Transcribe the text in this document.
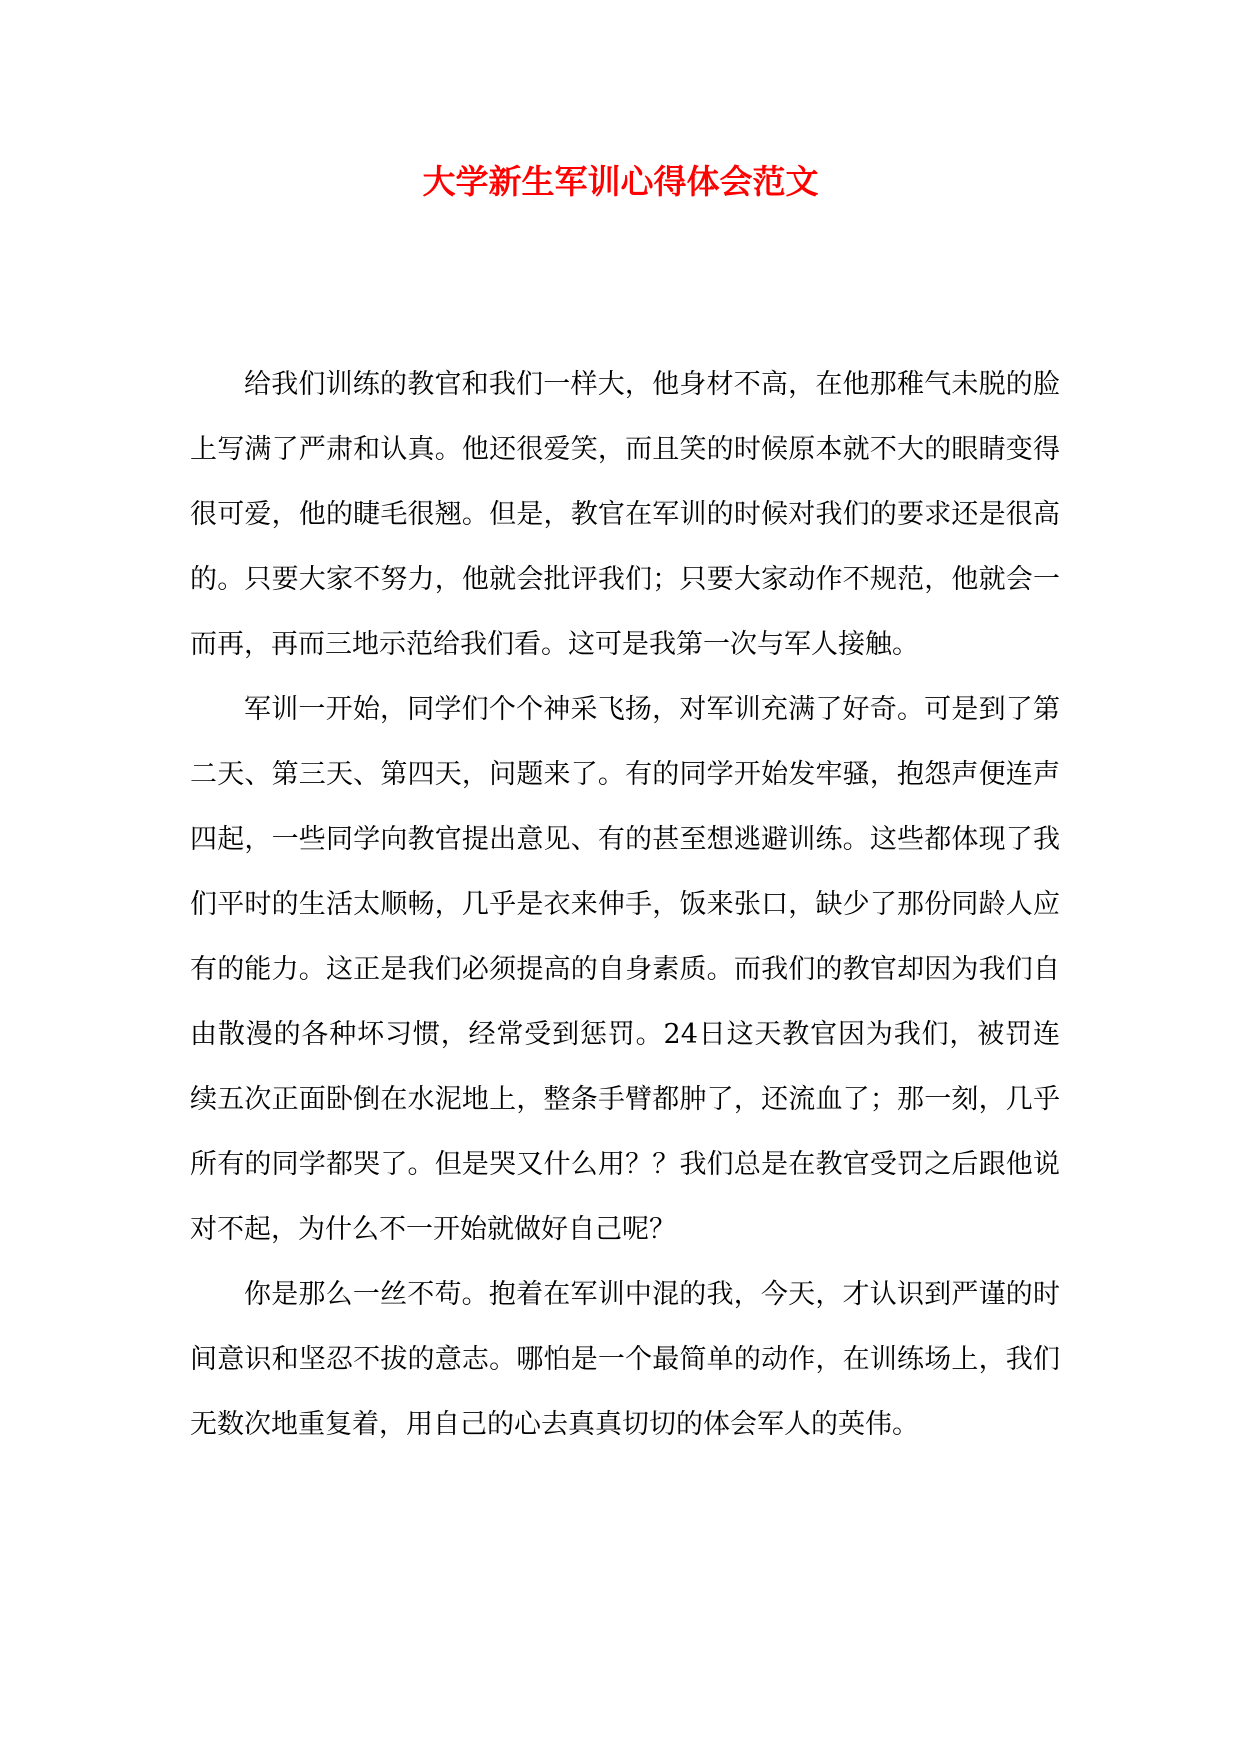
大学新生军训心得体会范文

给我们训练的教官和我们一样大，他身材不高，在他那稚气未脱的脸上写满了严肃和认真。他还很爱笑，而且笑的时候原本就不大的眼睛变得很可爱，他的睫毛很翘。但是，教官在军训的时候对我们的要求还是很高的。只要大家不努力，他就会批评我们；只要大家动作不规范，他就会一而再，再而三地示范给我们看。这可是我第一次与军人接触。

军训一开始，同学们个个神采飞扬，对军训充满了好奇。可是到了第二天、第三天、第四天，问题来了。有的同学开始发牢骚，抱怨声便连声四起，一些同学向教官提出意见、有的甚至想逃避训练。这些都体现了我们平时的生活太顺畅，几乎是衣来伸手，饭来张口，缺少了那份同龄人应有的能力。这正是我们必须提高的自身素质。而我们的教官却因为我们自由散漫的各种坏习惯，经常受到惩罚。24日这天教官因为我们，被罚连续五次正面卧倒在水泥地上，整条手臂都肿了，还流血了；那一刻，几乎所有的同学都哭了。但是哭又什么用？？我们总是在教官受罚之后跟他说对不起，为什么不一开始就做好自己呢？

你是那么一丝不苟。抱着在军训中混的我，今天，才认识到严谨的时间意识和坚忍不拔的意志。哪怕是一个最简单的动作，在训练场上，我们无数次地重复着，用自己的心去真真切切的体会军人的英伟。
